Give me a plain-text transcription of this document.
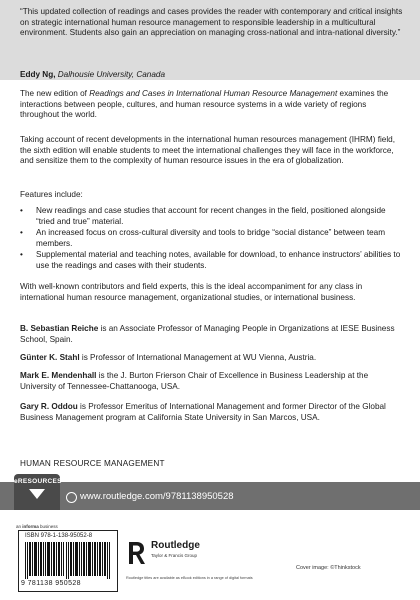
“This updated collection of readings and cases provides the reader with contemporary and critical insights on strategic international human resource management to responsible leadership in a multicultural environment. Students also gain an appreciation on managing cross-national and intra-national diversity.”
Eddy Ng, Dalhousie University, Canada
The new edition of Readings and Cases in International Human Resource Management examines the interactions between people, cultures, and human resource systems in a wide variety of regions throughout the world.
Taking account of recent developments in the international human resources management (IHRM) field, the sixth edition will enable students to meet the international challenges they will face in the workforce, and sensitize them to the complexity of human resource issues in the era of globalization.
Features include:
• New readings and case studies that account for recent changes in the field, positioned alongside “tried and true” material.
• An increased focus on cross-cultural diversity and tools to bridge “social distance” between team members.
• Supplemental material and teaching notes, available for download, to enhance instructors’ abilities to use the readings and cases with their students.
With well-known contributors and field experts, this is the ideal accompaniment for any class in international human resource management, organizational studies, or international business.
B. Sebastian Reiche is an Associate Professor of Managing People in Organizations at IESE Business School, Spain.
Günter K. Stahl is Professor of International Management at WU Vienna, Austria.
Mark E. Mendenhall is the J. Burton Frierson Chair of Excellence in Business Leadership at the University of Tennessee-Chattanooga, USA.
Gary R. Oddou is Professor Emeritus of International Management and former Director of the Global Business Management program at California State University in San Marcos, USA.
HUMAN RESOURCE MANAGEMENT
eRESOURCES
www.routledge.com/9781138950528
an informa business
ISBN 978-1-138-95052-8
9 781138 950528
Routledge
Taylor & Francis Group
Cover image: ©Thinkstock
Routledge titles are available as eBook editions in a range of digital formats
